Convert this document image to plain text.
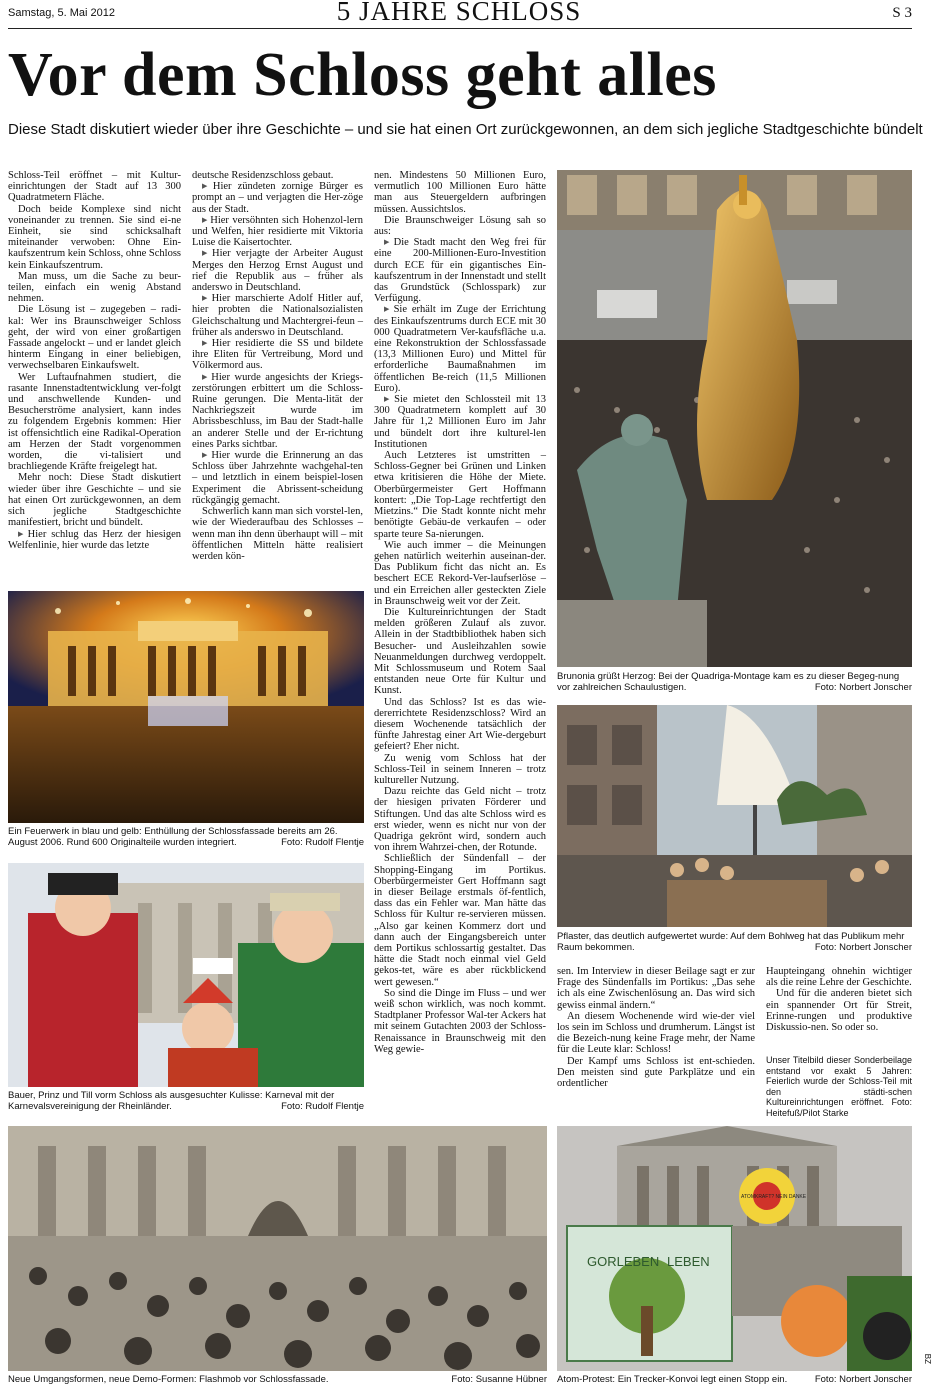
Samstag, 5. Mai 2012	5 JAHRE SCHLOSS	S 3
Vor dem Schloss geht alles
Diese Stadt diskutiert wieder über ihre Geschichte – und sie hat einen Ort zurückgewonnen, an dem sich jegliche Stadtgeschichte bündelt

Schloss-Teil eröffnet – mit Kultur-einrichtungen der Stadt auf 13 300 Quadratmetern Fläche.

Doch beide Komplexe sind nicht voneinander zu trennen. Sie sind ei-ne Einheit, sie sind schicksalhaft miteinander verwoben: Ohne Ein-kaufszentrum kein Schloss, ohne Schloss kein Einkaufszentrum.

Man muss, um die Sache zu beur-teilen, einfach ein wenig Abstand nehmen.

Die Lösung ist – zugegeben – radi-kal: Wer ins Braunschweiger Schloss geht, der wird von einer großartigen Fassade angelockt – und er landet gleich hinterm Eingang in einer beliebigen, verwechselbaren Einkaufswelt.

Wer Luftaufnahmen studiert, die rasante Innenstadtentwicklung ver-folgt und anschwellende Kunden- und Besucherströme analysiert, kann indes zu folgendem Ergebnis kommen: Hier ist offensichtlich eine Radikal-Operation am Herzen der Stadt vorgenommen worden, die vi-talisiert und brachliegende Kräfte freigelegt hat.

Mehr noch: Diese Stadt diskutiert wieder über ihre Geschichte – und sie hat einen Ort zurückgewonnen, an dem sich jegliche Stadtgeschichte manifestiert, bricht und bündelt.

▶ Hier schlug das Herz der hiesigen Welfenlinie, hier wurde das letzte

deutsche Residenzschloss gebaut.

▶ Hier zündeten zornige Bürger es prompt an – und verjagten die Her-zöge aus der Stadt.

▶ Hier versöhnten sich Hohenzol-lern und Welfen, hier residierte mit Viktoria Luise die Kaisertochter.

▶ Hier verjagte der Arbeiter August Merges den Herzog Ernst August und rief die Republik aus – früher als anderswo in Deutschland.

▶ Hier marschierte Adolf Hitler auf, hier probten die Nationalsozialisten Gleichschaltung und Machtergrei-feun – früher als anderswo in Deutschland.

▶ Hier residierte die SS und bildete ihre Eliten für Vertreibung, Mord und Völkermord aus.

▶ Hier wurde angesichts der Kriegs-zerstörungen erbittert um die Schloss-Ruine gerungen. Die Menta-lität der Nachkriegszeit wurde im Abrissbeschluss, im Bau der Stadt-halle an anderer Stelle und der Er-richtung eines Parks sichtbar.

▶ Hier wurde die Erinnerung an das Schloss über Jahrzehnte wachgehal-ten – und letztlich in einem beispiel-losen Experiment die Abrissent-scheidung rückgängig gemacht.

Schwerlich kann man sich vorstel-len, wie der Wiederaufbau des Schlosses – wenn man ihn denn überhaupt will – mit öffentlichen Mitteln hätte realisiert werden kön-

nen. Mindestens 50 Millionen Euro, vermutlich 100 Millionen Euro hätte man aus Steuergeldern aufbringen müssen. Aussichtslos.

Die Braunschweiger Lösung sah so aus:

▶ Die Stadt macht den Weg frei für eine 200-Millionen-Euro-Investition durch ECE für ein gigantisches Ein-kaufszentrum in der Innenstadt und stellt das Grundstück (Schlosspark) zur Verfügung.

▶ Sie erhält im Zuge der Errichtung des Einkaufszentrums durch ECE mit 30 000 Quadratmetern Ver-kaufsfläche u.a. eine Rekonstruktion der Schlossfassade (13,3 Millionen Euro) und Mittel für erforderliche Baumaßnahmen im öffentlichen Be-reich (11,5 Millionen Euro).

▶ Sie mietet den Schlossteil mit 13 300 Quadratmetern komplett auf 30 Jahre für 1,2 Millionen Euro im Jahr und bündelt dort ihre kulturel-len Institutionen

Auch Letzteres ist umstritten – Schloss-Gegner bei Grünen und Linken etwa kritisieren die Höhe der Miete. Oberbürgermeister Gert Hoffmann kontert: „Die Top-Lage rechtfertigt den Mietzins.“ Die Stadt konnte nicht mehr benötigte Gebäu-de verkaufen – oder sparte teure Sa-nierungen.

Wie auch immer – die Meinungen gehen natürlich weiterhin auseinan-der. Das Publikum ficht das nicht an. Es beschert ECE Rekord-Ver-laufserlöse – und ein Erreichen aller gesteckten Ziele in Braunschweig weit vor der Zeit.

Die Kultureinrichtungen der Stadt melden größeren Zulauf als zuvor. Allein in der Stadtbibliothek haben sich Besucher- und Ausleihzahlen sowie Neuanmeldungen durchweg verdoppelt. Mit Schlossmuseum und Rotem Saal entstanden neue Orte für Kultur und Kunst.

Und das Schloss? Ist es das wie-dererrichtete Residenzschloss? Wird an diesem Wochenende tatsächlich der fünfte Jahrestag einer Art Wie-dergeburt gefeiert? Eher nicht.

Zu wenig vom Schloss hat der Schloss-Teil in seinem Inneren – trotz kultureller Nutzung.

Dazu reichte das Geld nicht – trotz der hiesigen privaten Förderer und Stiftungen. Und das alte Schloss wird es erst wieder, wenn es nicht nur von der Quadriga gekrönt wird, sondern auch von ihrem Wahrzei-chen, der Rotunde.

Schließlich der Sündenfall – der Shopping-Eingang im Portikus. Oberbürgermeister Gert Hoffmann sagt in dieser Beilage erstmals öf-fentlich, dass das ein Fehler war. Man hätte das Schloss für Kultur re-servieren müssen. „Also gar keinen Kommerz dort und dann auch der Eingangsbereich unter dem Portikus schlossartig gestaltet. Das hätte die Stadt noch einmal viel Geld gekos-tet, wäre es aber rückblickend wert gewesen.“

So sind die Dinge im Fluss – und wer weiß schon wirklich, was noch kommt. Stadtplaner Professor Wal-ter Ackers hat mit seinem Gutachten 2003 der Schloss-Renaissance in Braunschweig mit den Weg gewie-

sen. Im Interview in dieser Beilage sagt er zur Frage des Sündenfalls im Portikus: „Das sehe ich als eine Zwischenlösung an. Das wird sich gewiss einmal ändern.“

An diesem Wochenende wird wie-der viel los sein im Schloss und drumherum. Längst ist die Bezeich-nung keine Frage mehr, der Name für die Leute klar: Schloss!

Der Kampf ums Schloss ist ent-schieden. Den meisten sind gute Parkplätze und ein ordentlicher

Haupteingang ohnehin wichtiger als die reine Lehre der Geschichte.

Und für die anderen bietet sich ein spannender Ort für Streit, Erinne-rungen und produktive Diskussio-nen. So oder so.

Unser Titelbild dieser Sonderbeilage entstand vor exakt 5 Jahren: Feierlich wurde der Schloss-Teil mit den städti-schen Kultureinrichtungen eröffnet. Foto: Heitefuß/Pilot Starke

Ein Feuerwerk in blau und gelb: Enthüllung der Schlossfassade bereits am 26. August 2006. Rund 600 Originalteile wurden integriert.	Foto: Rudolf Flentje
Bauer, Prinz und Till vorm Schloss als ausgesuchter Kulisse: Karneval mit der Karnevalsvereinigung der Rheinländer.	Foto: Rudolf Flentje
Brunonia grüßt Herzog: Bei der Quadriga-Montage kam es zu dieser Begeg-nung vor zahlreichen Schaulustigen.	Foto: Norbert Jonscher
Pflaster, das deutlich aufgewertet wurde: Auf dem Bohlweg hat das Publikum mehr Raum bekommen.	Foto: Norbert Jonscher
Neue Umgangsformen, neue Demo-Formen: Flashmob vor Schlossfassade.	Foto: Susanne Hübner
GORLEBEN LEBEN
ATOMKRAFT? NEIN DANKE
Atom-Protest: Ein Trecker-Konvoi legt einen Stopp ein.	Foto: Norbert Jonscher
BZ
